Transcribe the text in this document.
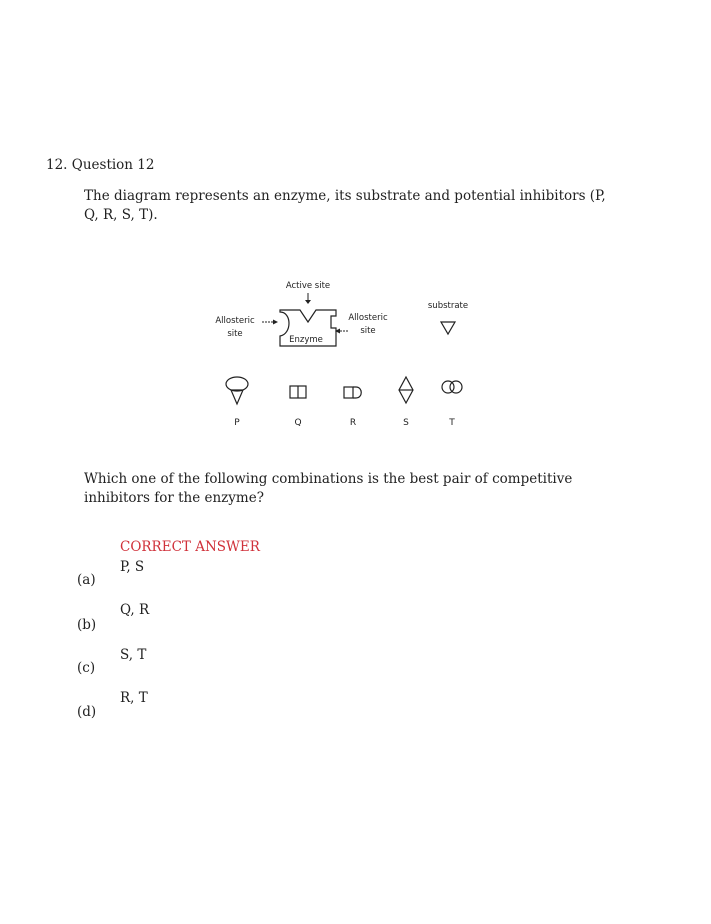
12. Question 12
The diagram represents an enzyme, its substrate and potential inhibitors (P, Q, R, S, T).
Active site
substrate
Allosteric
site
Enzyme
Allosteric
site
P	Q	R	S	T
Which one of the following combinations is the best pair of competitive inhibitors for the enzyme?
CORRECT ANSWER
P, S
(a)
Q, R
(b)
S, T
(c)
R, T
(d)
